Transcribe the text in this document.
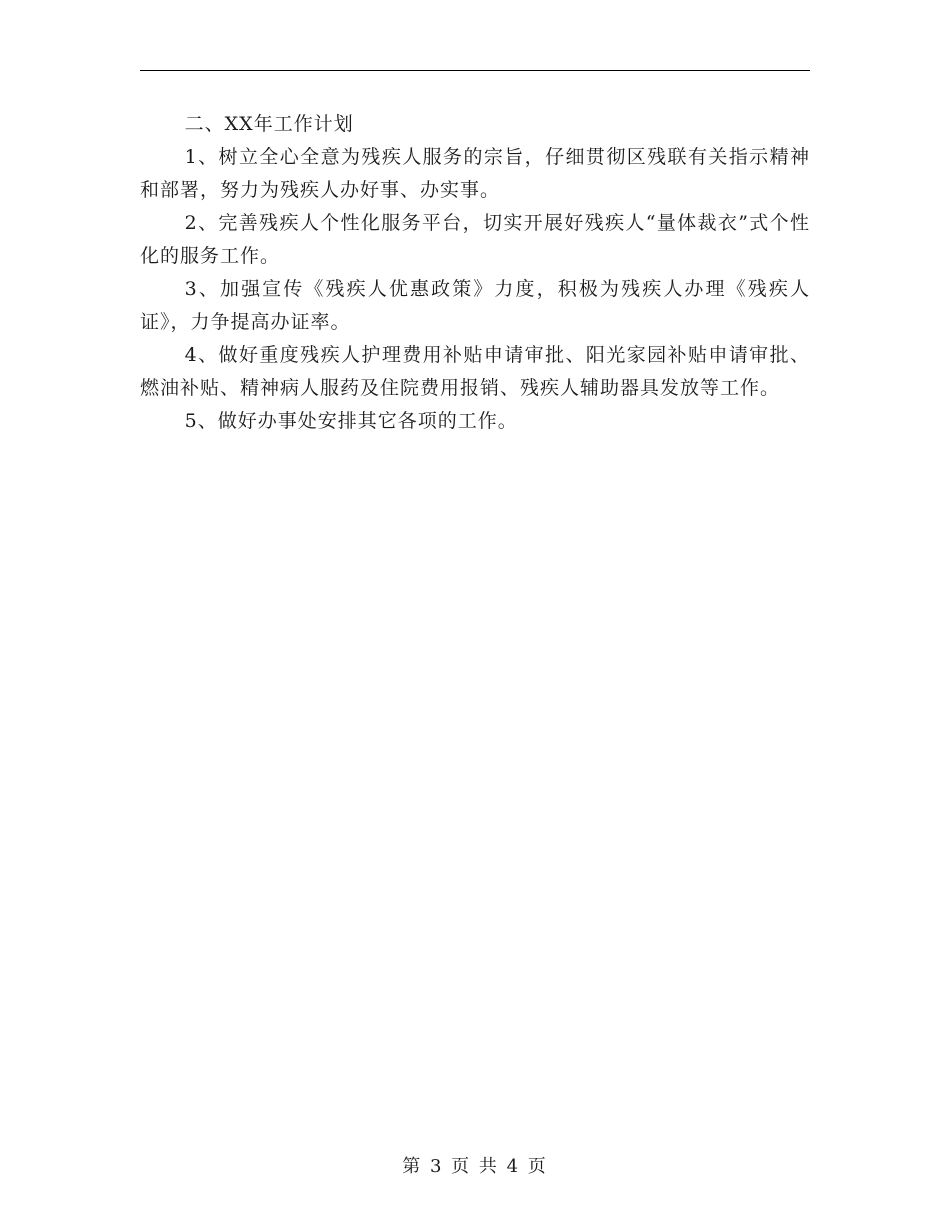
二、XX年工作计划

1、树立全心全意为残疾人服务的宗旨，仔细贯彻区残联有关指示精神和部署，努力为残疾人办好事、办实事。

2、完善残疾人个性化服务平台，切实开展好残疾人“量体裁衣”式个性化的服务工作。

3、加强宣传《残疾人优惠政策》力度，积极为残疾人办理《残疾人证》，力争提高办证率。

4、做好重度残疾人护理费用补贴申请审批、阳光家园补贴申请审批、燃油补贴、精神病人服药及住院费用报销、残疾人辅助器具发放等工作。

5、做好办事处安排其它各项的工作。

第 3 页 共 4 页
